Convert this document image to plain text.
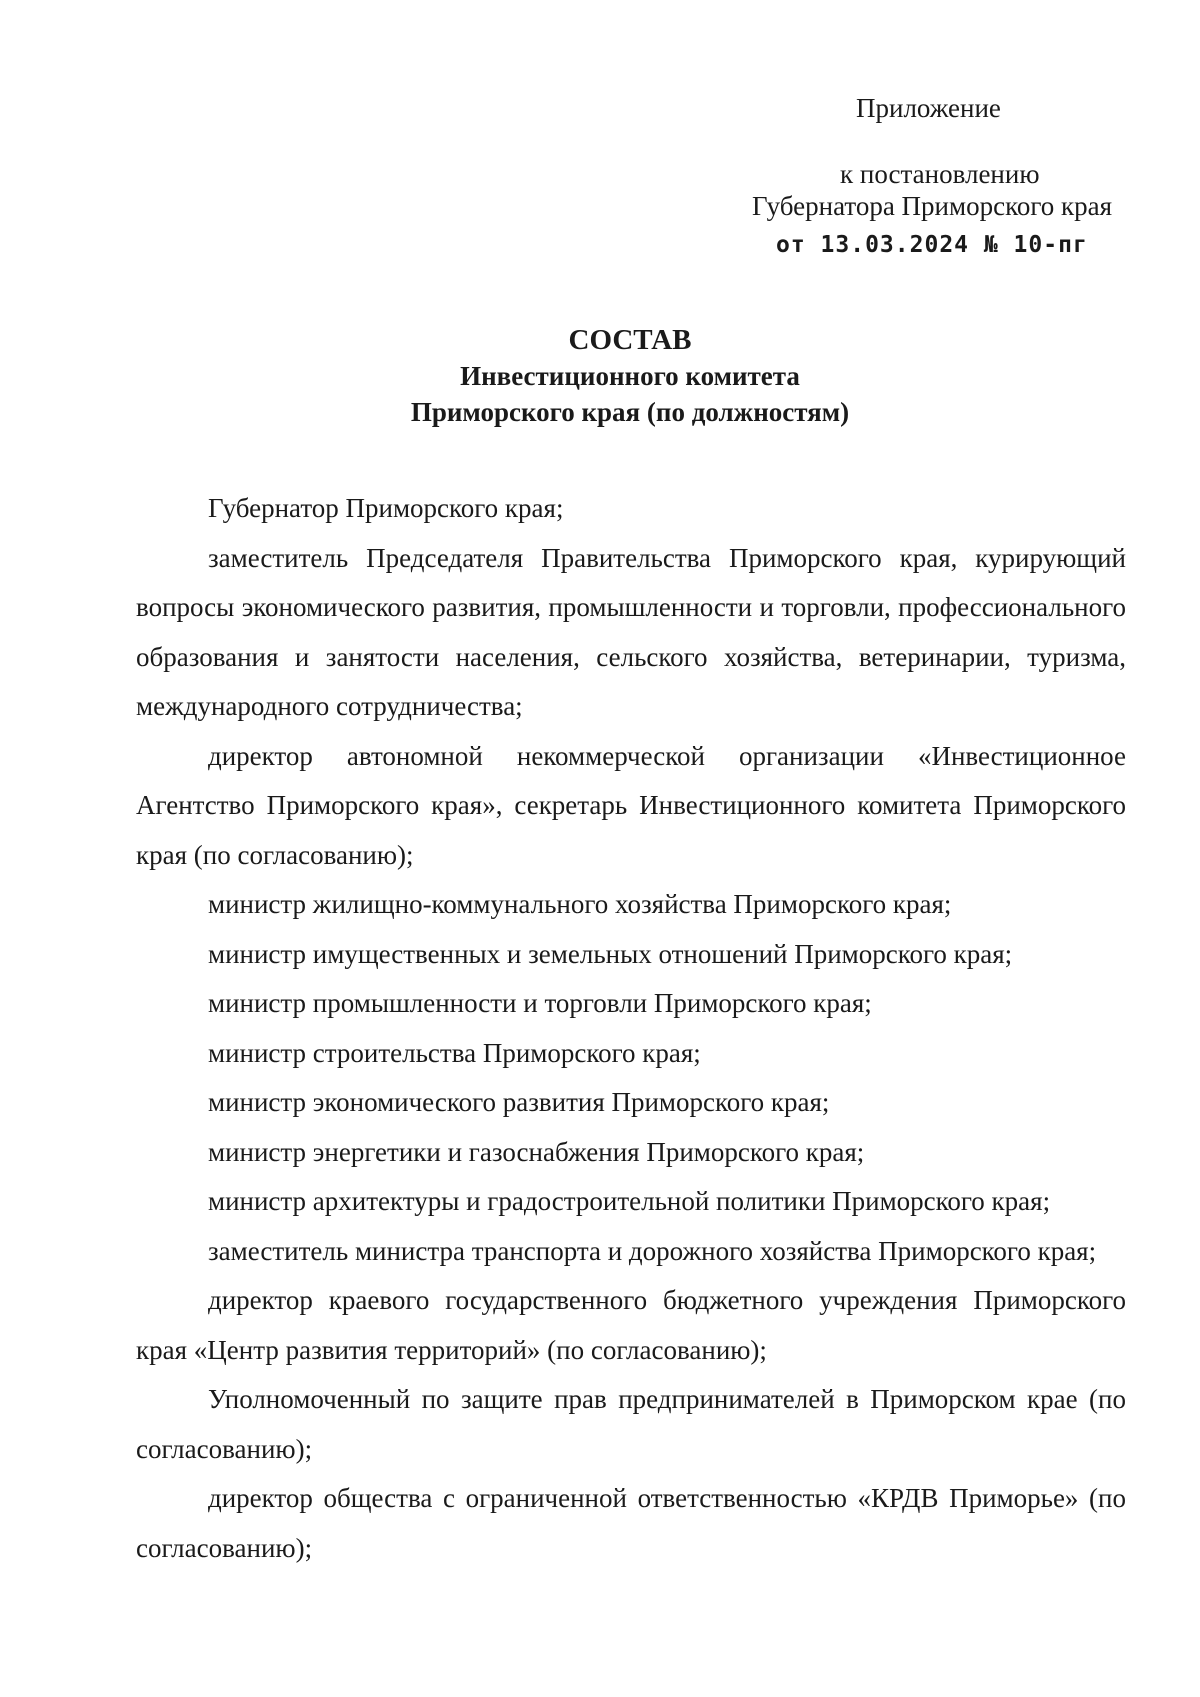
Приложение
к постановлению
Губернатора Приморского края
от 13.03.2024 № 10-пг
СОСТАВ
Инвестиционного комитета
Приморского края (по должностям)

Губернатор Приморского края;

заместитель Председателя Правительства Приморского края, курирующий вопросы экономического развития, промышленности и торговли, профессионального образования и занятости населения, сельского хозяйства, ветеринарии, туризма, международного сотрудничества;

директор автономной некоммерческой организации «Инвестиционное Агентство Приморского края», секретарь Инвестиционного комитета Приморского края (по согласованию);

министр жилищно-коммунального хозяйства Приморского края;

министр имущественных и земельных отношений Приморского края;

министр промышленности и торговли Приморского края;

министр строительства Приморского края;

министр экономического развития Приморского края;

министр энергетики и газоснабжения Приморского края;

министр архитектуры и градостроительной политики Приморского края;

заместитель министра транспорта и дорожного хозяйства Приморского края;

директор краевого государственного бюджетного учреждения Приморского края «Центр развития территорий» (по согласованию);

Уполномоченный по защите прав предпринимателей в Приморском крае (по согласованию);

директор общества с ограниченной ответственностью «КРДВ Приморье» (по согласованию);
